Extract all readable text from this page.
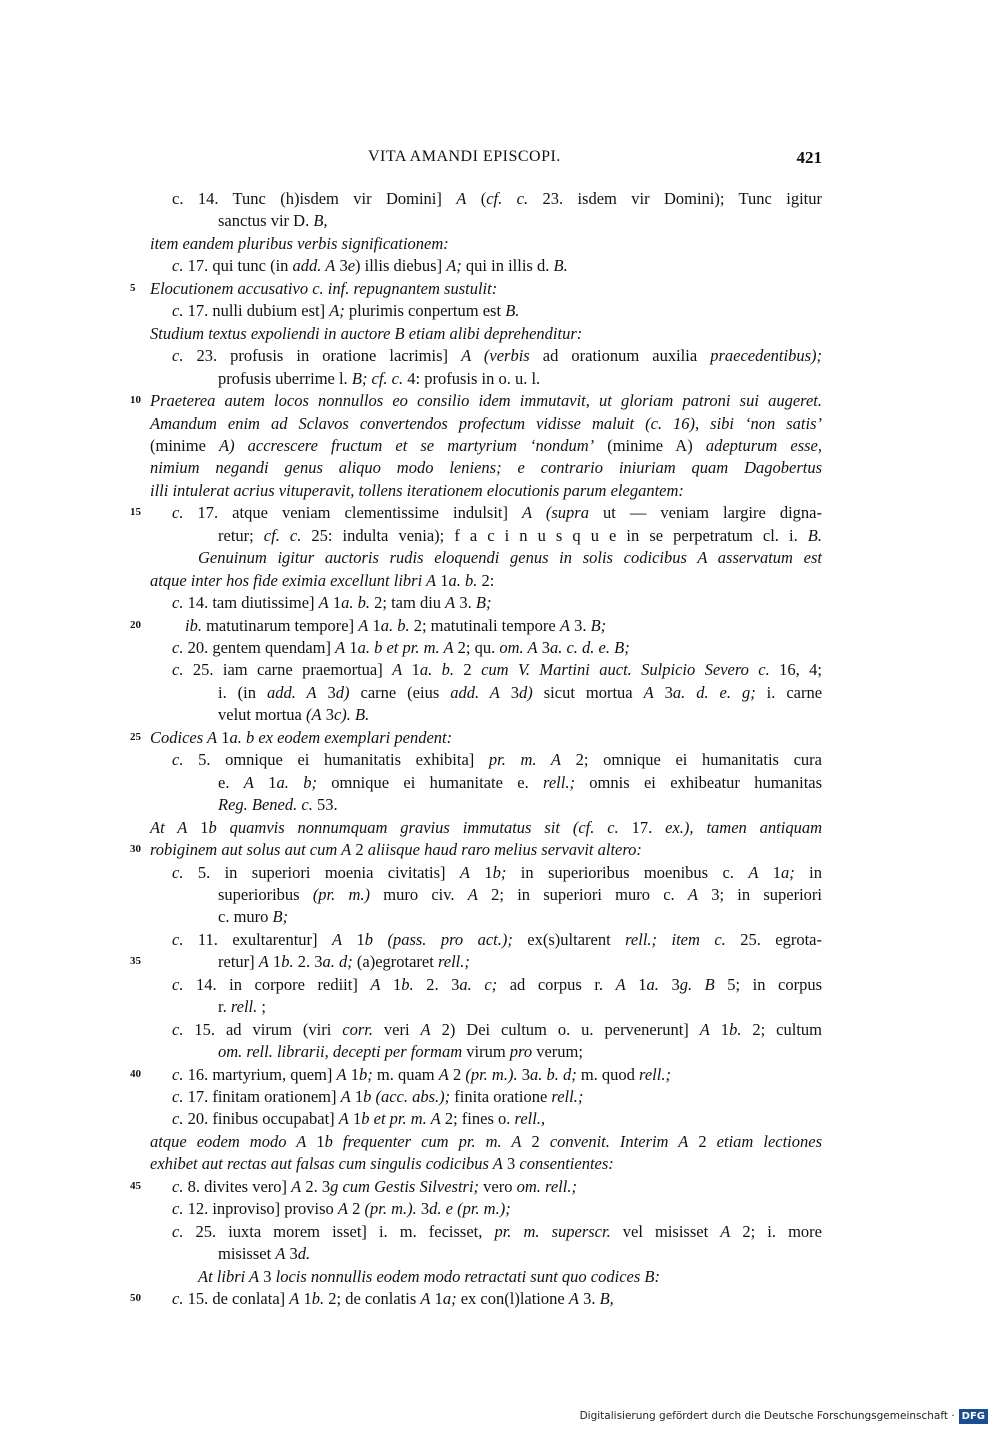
VITA AMANDI EPISCOPI.	421
c. 14. Tunc (h)isdem vir Domini] A (cf. c. 23. isdem vir Domini); Tunc igitur
sanctus vir D. B,
item eandem pluribus verbis significationem:
c. 17. qui tunc (in add. A 3e) illis diebus] A; qui in illis d. B.
5 Elocutionem accusativo c. inf. repugnantem sustulit:
c. 17. nulli dubium est] A; plurimis conpertum est B.
Studium textus expoliendi in auctore B etiam alibi deprehenditur:
c. 23. profusis in oratione lacrimis] A (verbis ad orationum auxilia praecedentibus);
profusis uberrime l. B; cf. c. 4: profusis in o. u. l.
10 Praeterea autem locos nonnullos eo consilio idem immutavit, ut gloriam patroni sui augeret.
Amandum enim ad Sclavos convertendos profectum vidisse maluit (c. 16), sibi ‘non satis’
(minime A) accrescere fructum et se martyrium ‘nondum’ (minime A) adepturum esse,
nimium negandi genus aliquo modo leniens; e contrario iniuriam quam Dagobertus
illi intulerat acrius vituperavit, tollens iterationem elocutionis parum elegantem:
15	c. 17. atque veniam clementissime indulsit] A (supra ut — veniam largire digna-
retur; cf. c. 25: indulta venia); f a c i n u s q u e in se perpetratum cl. i. B.
Genuinum igitur auctoris rudis eloquendi genus in solis codicibus A asservatum est
atque inter hos fide eximia excellunt libri A 1a. b. 2:
c. 14. tam diutissime] A 1a. b. 2; tam diu A 3. B;
20	ib. matutinarum tempore] A 1a. b. 2; matutinali tempore A 3. B;
c. 20. gentem quendam] A 1a. b et pr. m. A 2; qu. om. A 3a. c. d. e. B;
c. 25. iam carne praemortua] A 1a. b. 2 cum V. Martini auct. Sulpicio Severo c. 16, 4;
i. (in add. A 3d) carne (eius add. A 3d) sicut mortua A 3a. d. e. g; i. carne
velut mortua (A 3c). B.
25 Codices A 1a. b ex eodem exemplari pendent:
c. 5. omnique ei humanitatis exhibita] pr. m. A 2; omnique ei humanitatis cura
e. A 1a. b; omnique ei humanitate e. rell.; omnis ei exhibeatur humanitas
Reg. Bened. c. 53.
At A 1b quamvis nonnumquam gravius immutatus sit (cf. c. 17. ex.), tamen antiquam
30 robiginem aut solus aut cum A 2 aliisque haud raro melius servavit altero:
c. 5. in superiori moenia civitatis] A 1b; in superioribus moenibus c. A 1a; in
superioribus (pr. m.) muro civ. A 2; in superiori muro c. A 3; in superiori
c. muro B;
c. 11. exultarentur] A 1b (pass. pro act.); ex(s)ultarent rell.; item c. 25. egrota-
35	retur] A 1b. 2. 3a. d; (a)egrotaret rell.;
c. 14. in corpore rediit] A 1b. 2. 3a. c; ad corpus r. A 1a. 3g. B 5; in corpus
r. rell. ;
c. 15. ad virum (viri corr. veri A 2) Dei cultum o. u. pervenerunt] A 1b. 2; cultum
om. rell. librarii, decepti per formam virum pro verum;
40	c. 16. martyrium, quem] A 1b; m. quam A 2 (pr. m.). 3a. b. d; m. quod rell.;
c. 17. finitam orationem] A 1b (acc. abs.); finita oratione rell.;
c. 20. finibus occupabat] A 1b et pr. m. A 2; fines o. rell.,
atque eodem modo A 1b frequenter cum pr. m. A 2 convenit. Interim A 2 etiam lectiones
exhibet aut rectas aut falsas cum singulis codicibus A 3 consentientes:
45	c. 8. divites vero] A 2. 3g cum Gestis Silvestri; vero om. rell.;
c. 12. inproviso] proviso A 2 (pr. m.). 3d. e (pr. m.);
c. 25. iuxta morem isset] i. m. fecisset, pr. m. superscr. vel misisset A 2; i. more
misisset A 3d.
At libri A 3 locis nonnullis eodem modo retractati sunt quo codices B:
50	c. 15. de conlata] A 1b. 2; de conlatis A 1a; ex con(l)latione A 3. B,
Digitalisierung gefördert durch die Deutsche Forschungsgemeinschaft · DFG
